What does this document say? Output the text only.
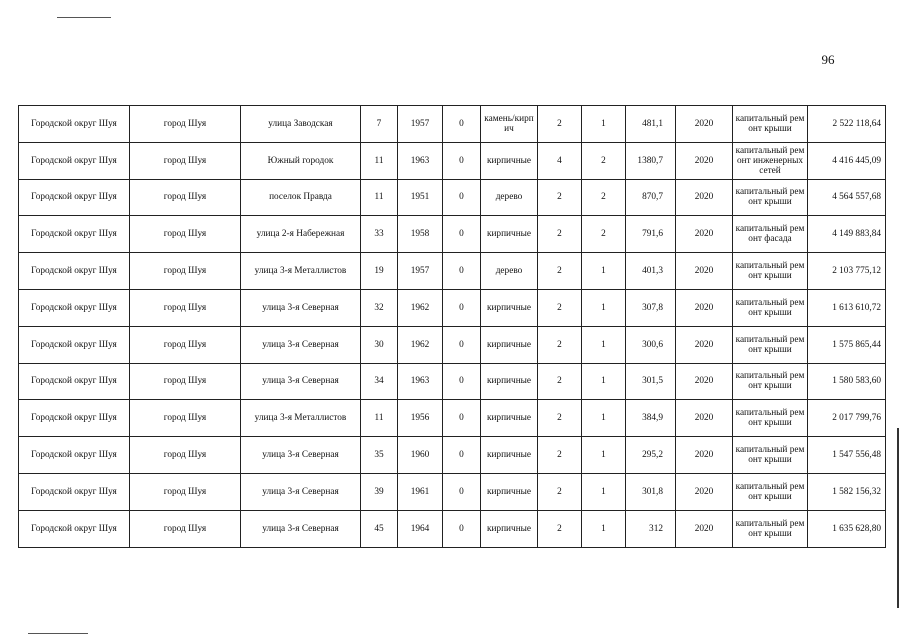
96
Городской округ Шуя	город Шуя	улица Заводская	7	1957	0	камень/кирпич	2	1	481,1	2020	капитальный ремонт крыши	2 522 118,64
Городской округ Шуя	город Шуя	Южный городок	11	1963	0	кирпичные	4	2	1380,7	2020	капитальный ремонт инженерных сетей	4 416 445,09
Городской округ Шуя	город Шуя	поселок Правда	11	1951	0	дерево	2	2	870,7	2020	капитальный ремонт крыши	4 564 557,68
Городской округ Шуя	город Шуя	улица 2-я Набережная	33	1958	0	кирпичные	2	2	791,6	2020	капитальный ремонт фасада	4 149 883,84
Городской округ Шуя	город Шуя	улица 3-я Металлистов	19	1957	0	дерево	2	1	401,3	2020	капитальный ремонт крыши	2 103 775,12
Городской округ Шуя	город Шуя	улица 3-я Северная	32	1962	0	кирпичные	2	1	307,8	2020	капитальный ремонт крыши	1 613 610,72
Городской округ Шуя	город Шуя	улица 3-я Северная	30	1962	0	кирпичные	2	1	300,6	2020	капитальный ремонт крыши	1 575 865,44
Городской округ Шуя	город Шуя	улица 3-я Северная	34	1963	0	кирпичные	2	1	301,5	2020	капитальный ремонт крыши	1 580 583,60
Городской округ Шуя	город Шуя	улица 3-я Металлистов	11	1956	0	кирпичные	2	1	384,9	2020	капитальный ремонт крыши	2 017 799,76
Городской округ Шуя	город Шуя	улица 3-я Северная	35	1960	0	кирпичные	2	1	295,2	2020	капитальный ремонт крыши	1 547 556,48
Городской округ Шуя	город Шуя	улица 3-я Северная	39	1961	0	кирпичные	2	1	301,8	2020	капитальный ремонт крыши	1 582 156,32
Городской округ Шуя	город Шуя	улица 3-я Северная	45	1964	0	кирпичные	2	1	312	2020	капитальный ремонт крыши	1 635 628,80
